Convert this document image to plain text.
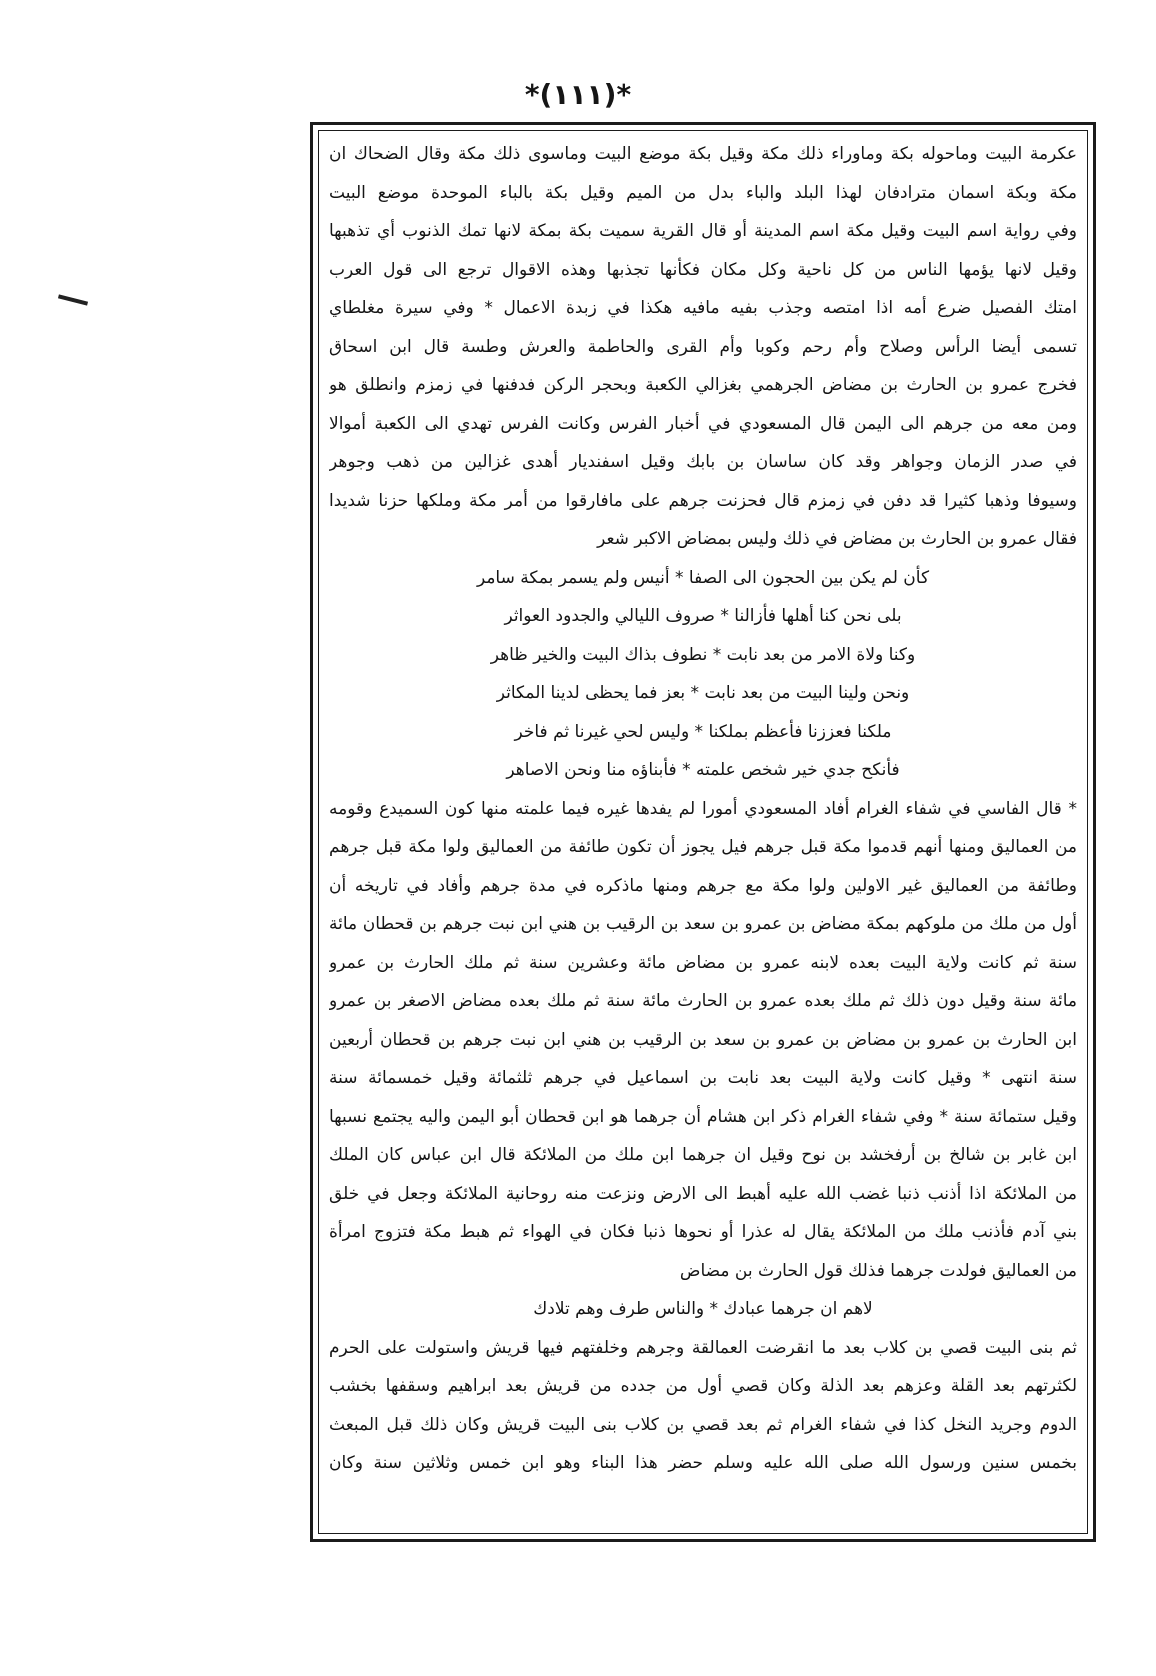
*(١١١)*
عكرمة البيت وماحوله بكة وماوراء ذلك مكة وقيل بكة موضع البيت وماسوى ذلك مكة وقال الضحاك ان
مكة وبكة اسمان مترادفان لهذا البلد والباء بدل من الميم وقيل بكة بالباء الموحدة موضع البيت
وفي رواية اسم البيت وقيل مكة اسم المدينة أو قال القرية سميت بكة بمكة لانها تمك الذنوب أي تذهبها
وقيل لانها يؤمها الناس من كل ناحية وكل مكان فكأنها تجذبها وهذه الاقوال ترجع الى قول العرب
امتك الفصيل ضرع أمه اذا امتصه وجذب بفيه مافيه هكذا في زبدة الاعمال * وفي سيرة مغلطاي
تسمى أيضا الرأس وصلاح وأم رحم وكوبا وأم القرى والحاطمة والعرش وطسة قال ابن اسحاق
فخرج عمرو بن الحارث بن مضاض الجرهمي بغزالي الكعبة وبحجر الركن فدفنها في زمزم وانطلق هو
ومن معه من جرهم الى اليمن قال المسعودي في أخبار الفرس وكانت الفرس تهدي الى الكعبة أموالا
في صدر الزمان وجواهر وقد كان ساسان بن بابك وقيل اسفنديار أهدى غزالين من ذهب وجوهر
وسيوفا وذهبا كثيرا قد دفن في زمزم قال فحزنت جرهم على مافارقوا من أمر مكة وملكها حزنا شديدا
فقال عمرو بن الحارث بن مضاض في ذلك وليس بمضاض الاكبر شعر
كأن لم يكن بين الحجون الى الصفا * أنيس ولم يسمر بمكة سامر
بلى نحن كنا أهلها فأزالنا * صروف الليالي والجدود العواثر
وكنا ولاة الامر من بعد نابت * نطوف بذاك البيت والخير ظاهر
ونحن ولينا البيت من بعد نابت * بعز فما يحظى لدينا المكاثر
ملكنا فعززنا فأعظم بملكنا * وليس لحي غيرنا ثم فاخر
فأنكح جدي خير شخص علمته * فأبناؤه منا ونحن الاصاهر
* قال الفاسي في شفاء الغرام أفاد المسعودي أمورا لم يفدها غيره فيما علمته منها كون السميدع وقومه
من العماليق ومنها أنهم قدموا مكة قبل جرهم فيل يجوز أن تكون طائفة من العماليق ولوا مكة قبل جرهم
وطائفة من العماليق غير الاولين ولوا مكة مع جرهم ومنها ماذكره في مدة جرهم وأفاد في تاريخه أن
أول من ملك من ملوكهم بمكة مضاض بن عمرو بن سعد بن الرقيب بن هني ابن نبت جرهم بن قحطان مائة
سنة ثم كانت ولاية البيت بعده لابنه عمرو بن مضاض مائة وعشرين سنة ثم ملك الحارث بن عمرو
مائة سنة وقيل دون ذلك ثم ملك بعده عمرو بن الحارث مائة سنة ثم ملك بعده مضاض الاصغر بن عمرو
ابن الحارث بن عمرو بن مضاض بن عمرو بن سعد بن الرقيب بن هني ابن نبت جرهم بن قحطان أربعين
سنة انتهى * وقيل كانت ولاية البيت بعد نابت بن اسماعيل في جرهم ثلثمائة وقيل خمسمائة سنة
وقيل ستمائة سنة * وفي شفاء الغرام ذكر ابن هشام أن جرهما هو ابن قحطان أبو اليمن واليه يجتمع نسبها
ابن غابر بن شالخ بن أرفخشد بن نوح وقيل ان جرهما ابن ملك من الملائكة قال ابن عباس كان الملك
من الملائكة اذا أذنب ذنبا غضب الله عليه أهبط الى الارض ونزعت منه روحانية الملائكة وجعل في خلق
بني آدم فأذنب ملك من الملائكة يقال له عذرا أو نحوها ذنبا فكان في الهواء ثم هبط مكة فتزوج امرأة
من العماليق فولدت جرهما فذلك قول الحارث بن مضاض
لاهم ان جرهما عبادك * والناس طرف وهم تلادك
ثم بنى البيت قصي بن كلاب بعد ما انقرضت العمالقة وجرهم وخلفتهم فيها قريش واستولت على الحرم
لكثرتهم بعد القلة وعزهم بعد الذلة وكان قصي أول من جدده من قريش بعد ابراهيم وسقفها بخشب
الدوم وجريد النخل كذا في شفاء الغرام ثم بعد قصي بن كلاب بنى البيت قريش وكان ذلك قبل المبعث
بخمس سنين ورسول الله صلى الله عليه وسلم حضر هذا البناء وهو ابن خمس وثلاثين سنة وكان
